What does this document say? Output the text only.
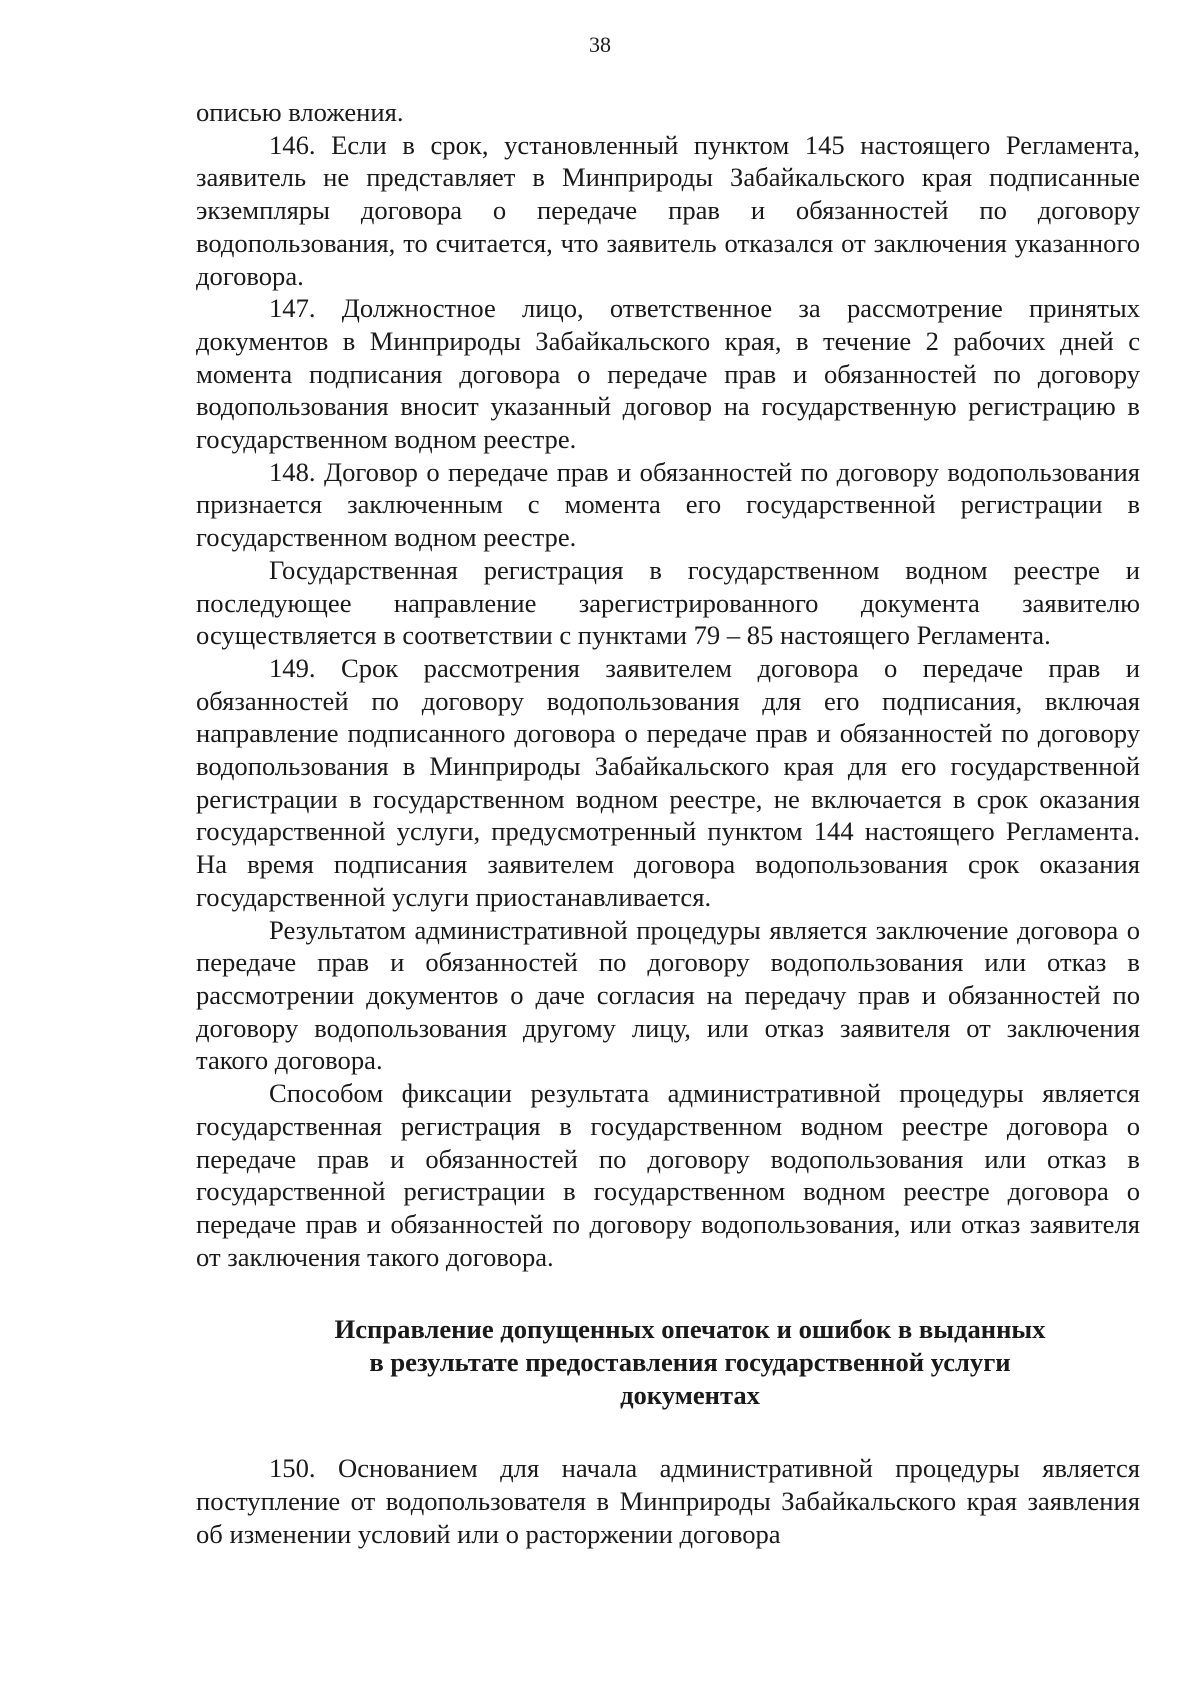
38

описью вложения.

146. Если в срок, установленный пунктом 145 настоящего Регламента, заявитель не представляет в Минприроды Забайкальского края подписанные экземпляры договора о передаче прав и обязанностей по договору водопользования, то считается, что заявитель отказался от заключения указанного договора.

147. Должностное лицо, ответственное за рассмотрение принятых документов в Минприроды Забайкальского края, в течение 2 рабочих дней с момента подписания договора о передаче прав и обязанностей по договору водопользования вносит указанный договор на государственную регистрацию в государственном водном реестре.

148. Договор о передаче прав и обязанностей по договору водопользования признается заключенным с момента его государственной регистрации в государственном водном реестре.

Государственная регистрация в государственном водном реестре и последующее направление зарегистрированного документа заявителю осуществляется в соответствии с пунктами 79 – 85 настоящего Регламента.

149. Срок рассмотрения заявителем договора о передаче прав и обязанностей по договору водопользования для его подписания, включая направление подписанного договора о передаче прав и обязанностей по договору водопользования в Минприроды Забайкальского края для его государственной регистрации в государственном водном реестре, не включается в срок оказания государственной услуги, предусмотренный пунктом 144 настоящего Регламента. На время подписания заявителем договора водопользования срок оказания государственной услуги приостанавливается.

Результатом административной процедуры является заключение договора о передаче прав и обязанностей по договору водопользования или отказ в рассмотрении документов о даче согласия на передачу прав и обязанностей по договору водопользования другому лицу, или отказ заявителя от заключения такого договора.

Способом фиксации результата административной процедуры является государственная регистрация в государственном водном реестре договора о передаче прав и обязанностей по договору водопользования или отказ в государственной регистрации в государственном водном реестре договора о передаче прав и обязанностей по договору водопользования, или отказ заявителя от заключения такого договора.

Исправление допущенных опечаток и ошибок в выданных
в результате предоставления государственной услуги
документах

150. Основанием для начала административной процедуры является поступление от водопользователя в Минприроды Забайкальского края заявления об изменении условий или о расторжении договора
